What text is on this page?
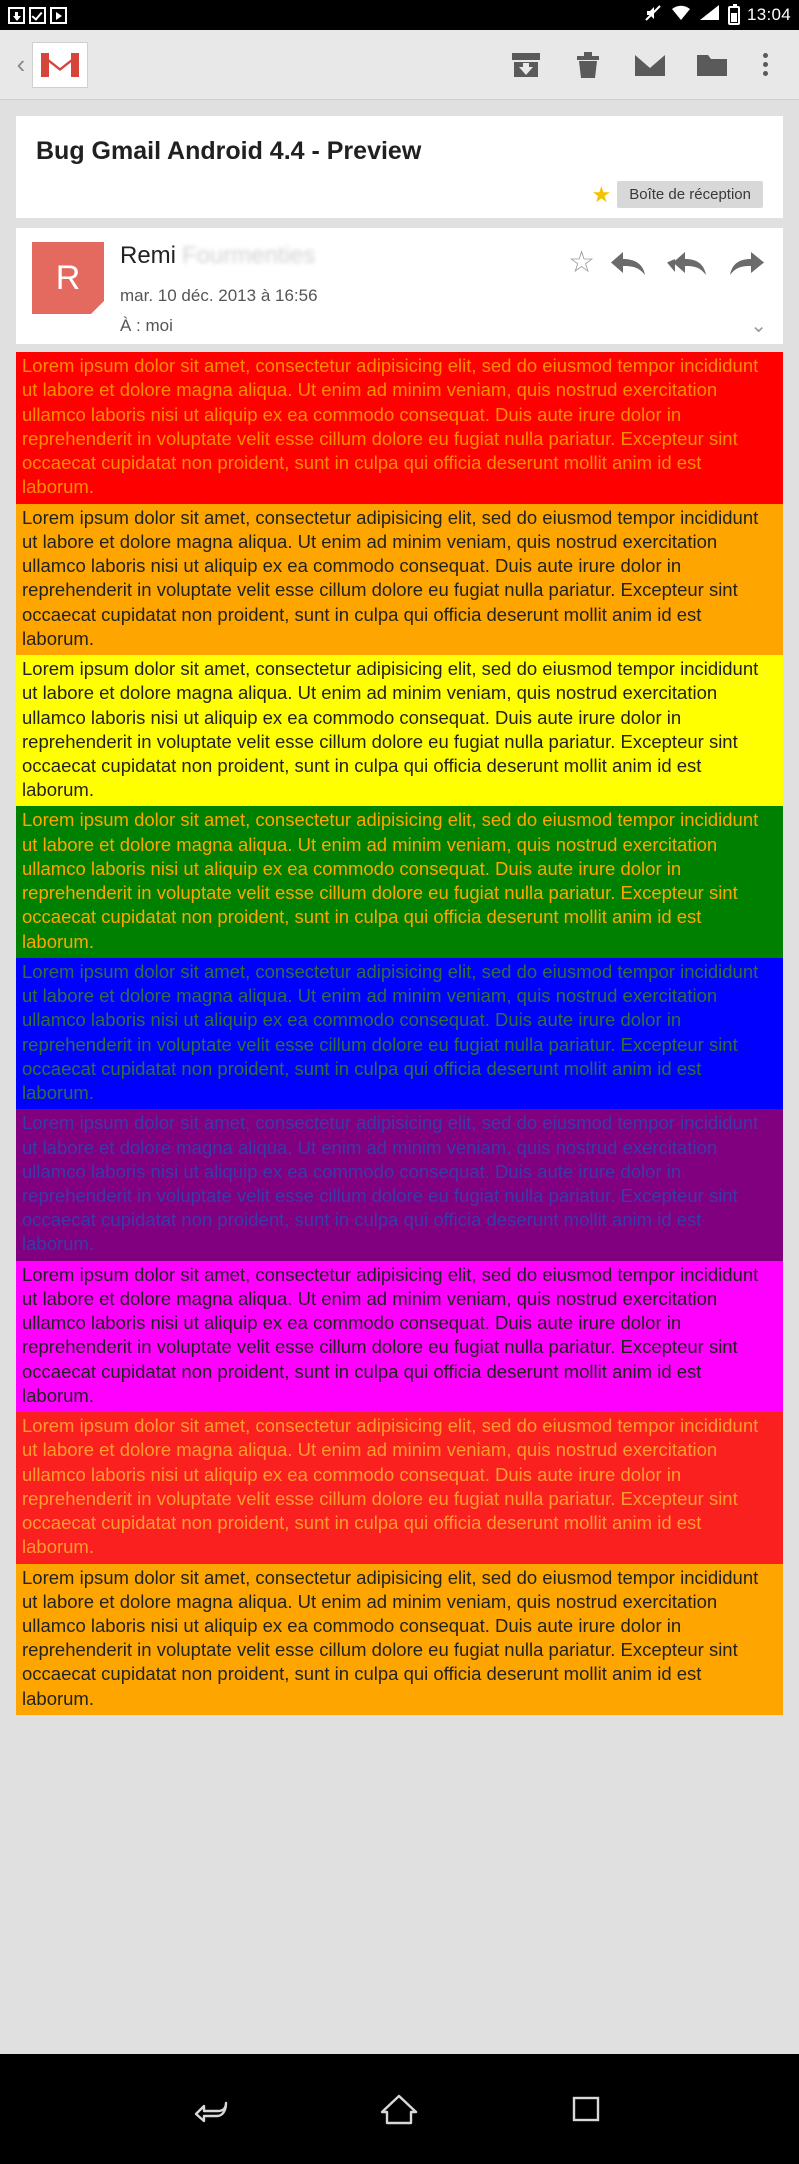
13:04
‹
Bug Gmail Android 4.4 - Preview
★	Boîte de réception
R
Remi Fourmenties
mar. 10 déc. 2013 à 16:56
À : moi
☆
⌄
Lorem ipsum dolor sit amet, consectetur adipisicing elit, sed do eiusmod tempor incididunt ut labore et dolore magna aliqua. Ut enim ad minim veniam, quis nostrud exercitation ullamco laboris nisi ut aliquip ex ea commodo consequat. Duis aute irure dolor in reprehenderit in voluptate velit esse cillum dolore eu fugiat nulla pariatur. Excepteur sint occaecat cupidatat non proident, sunt in culpa qui officia deserunt mollit anim id est laborum.
Lorem ipsum dolor sit amet, consectetur adipisicing elit, sed do eiusmod tempor incididunt ut labore et dolore magna aliqua. Ut enim ad minim veniam, quis nostrud exercitation ullamco laboris nisi ut aliquip ex ea commodo consequat. Duis aute irure dolor in reprehenderit in voluptate velit esse cillum dolore eu fugiat nulla pariatur. Excepteur sint occaecat cupidatat non proident, sunt in culpa qui officia deserunt mollit anim id est laborum.
Lorem ipsum dolor sit amet, consectetur adipisicing elit, sed do eiusmod tempor incididunt ut labore et dolore magna aliqua. Ut enim ad minim veniam, quis nostrud exercitation ullamco laboris nisi ut aliquip ex ea commodo consequat. Duis aute irure dolor in reprehenderit in voluptate velit esse cillum dolore eu fugiat nulla pariatur. Excepteur sint occaecat cupidatat non proident, sunt in culpa qui officia deserunt mollit anim id est laborum.
Lorem ipsum dolor sit amet, consectetur adipisicing elit, sed do eiusmod tempor incididunt ut labore et dolore magna aliqua. Ut enim ad minim veniam, quis nostrud exercitation ullamco laboris nisi ut aliquip ex ea commodo consequat. Duis aute irure dolor in reprehenderit in voluptate velit esse cillum dolore eu fugiat nulla pariatur. Excepteur sint occaecat cupidatat non proident, sunt in culpa qui officia deserunt mollit anim id est laborum.
Lorem ipsum dolor sit amet, consectetur adipisicing elit, sed do eiusmod tempor incididunt ut labore et dolore magna aliqua. Ut enim ad minim veniam, quis nostrud exercitation ullamco laboris nisi ut aliquip ex ea commodo consequat. Duis aute irure dolor in reprehenderit in voluptate velit esse cillum dolore eu fugiat nulla pariatur. Excepteur sint occaecat cupidatat non proident, sunt in culpa qui officia deserunt mollit anim id est laborum.
Lorem ipsum dolor sit amet, consectetur adipisicing elit, sed do eiusmod tempor incididunt ut labore et dolore magna aliqua. Ut enim ad minim veniam, quis nostrud exercitation ullamco laboris nisi ut aliquip ex ea commodo consequat. Duis aute irure dolor in reprehenderit in voluptate velit esse cillum dolore eu fugiat nulla pariatur. Excepteur sint occaecat cupidatat non proident, sunt in culpa qui officia deserunt mollit anim id est laborum.
Lorem ipsum dolor sit amet, consectetur adipisicing elit, sed do eiusmod tempor incididunt ut labore et dolore magna aliqua. Ut enim ad minim veniam, quis nostrud exercitation ullamco laboris nisi ut aliquip ex ea commodo consequat. Duis aute irure dolor in reprehenderit in voluptate velit esse cillum dolore eu fugiat nulla pariatur. Excepteur sint occaecat cupidatat non proident, sunt in culpa qui officia deserunt mollit anim id est laborum.
Lorem ipsum dolor sit amet, consectetur adipisicing elit, sed do eiusmod tempor incididunt ut labore et dolore magna aliqua. Ut enim ad minim veniam, quis nostrud exercitation ullamco laboris nisi ut aliquip ex ea commodo consequat. Duis aute irure dolor in reprehenderit in voluptate velit esse cillum dolore eu fugiat nulla pariatur. Excepteur sint occaecat cupidatat non proident, sunt in culpa qui officia deserunt mollit anim id est laborum.
Lorem ipsum dolor sit amet, consectetur adipisicing elit, sed do eiusmod tempor incididunt ut labore et dolore magna aliqua. Ut enim ad minim veniam, quis nostrud exercitation ullamco laboris nisi ut aliquip ex ea commodo consequat. Duis aute irure dolor in reprehenderit in voluptate velit esse cillum dolore eu fugiat nulla pariatur. Excepteur sint occaecat cupidatat non proident, sunt in culpa qui officia deserunt mollit anim id est laborum.
